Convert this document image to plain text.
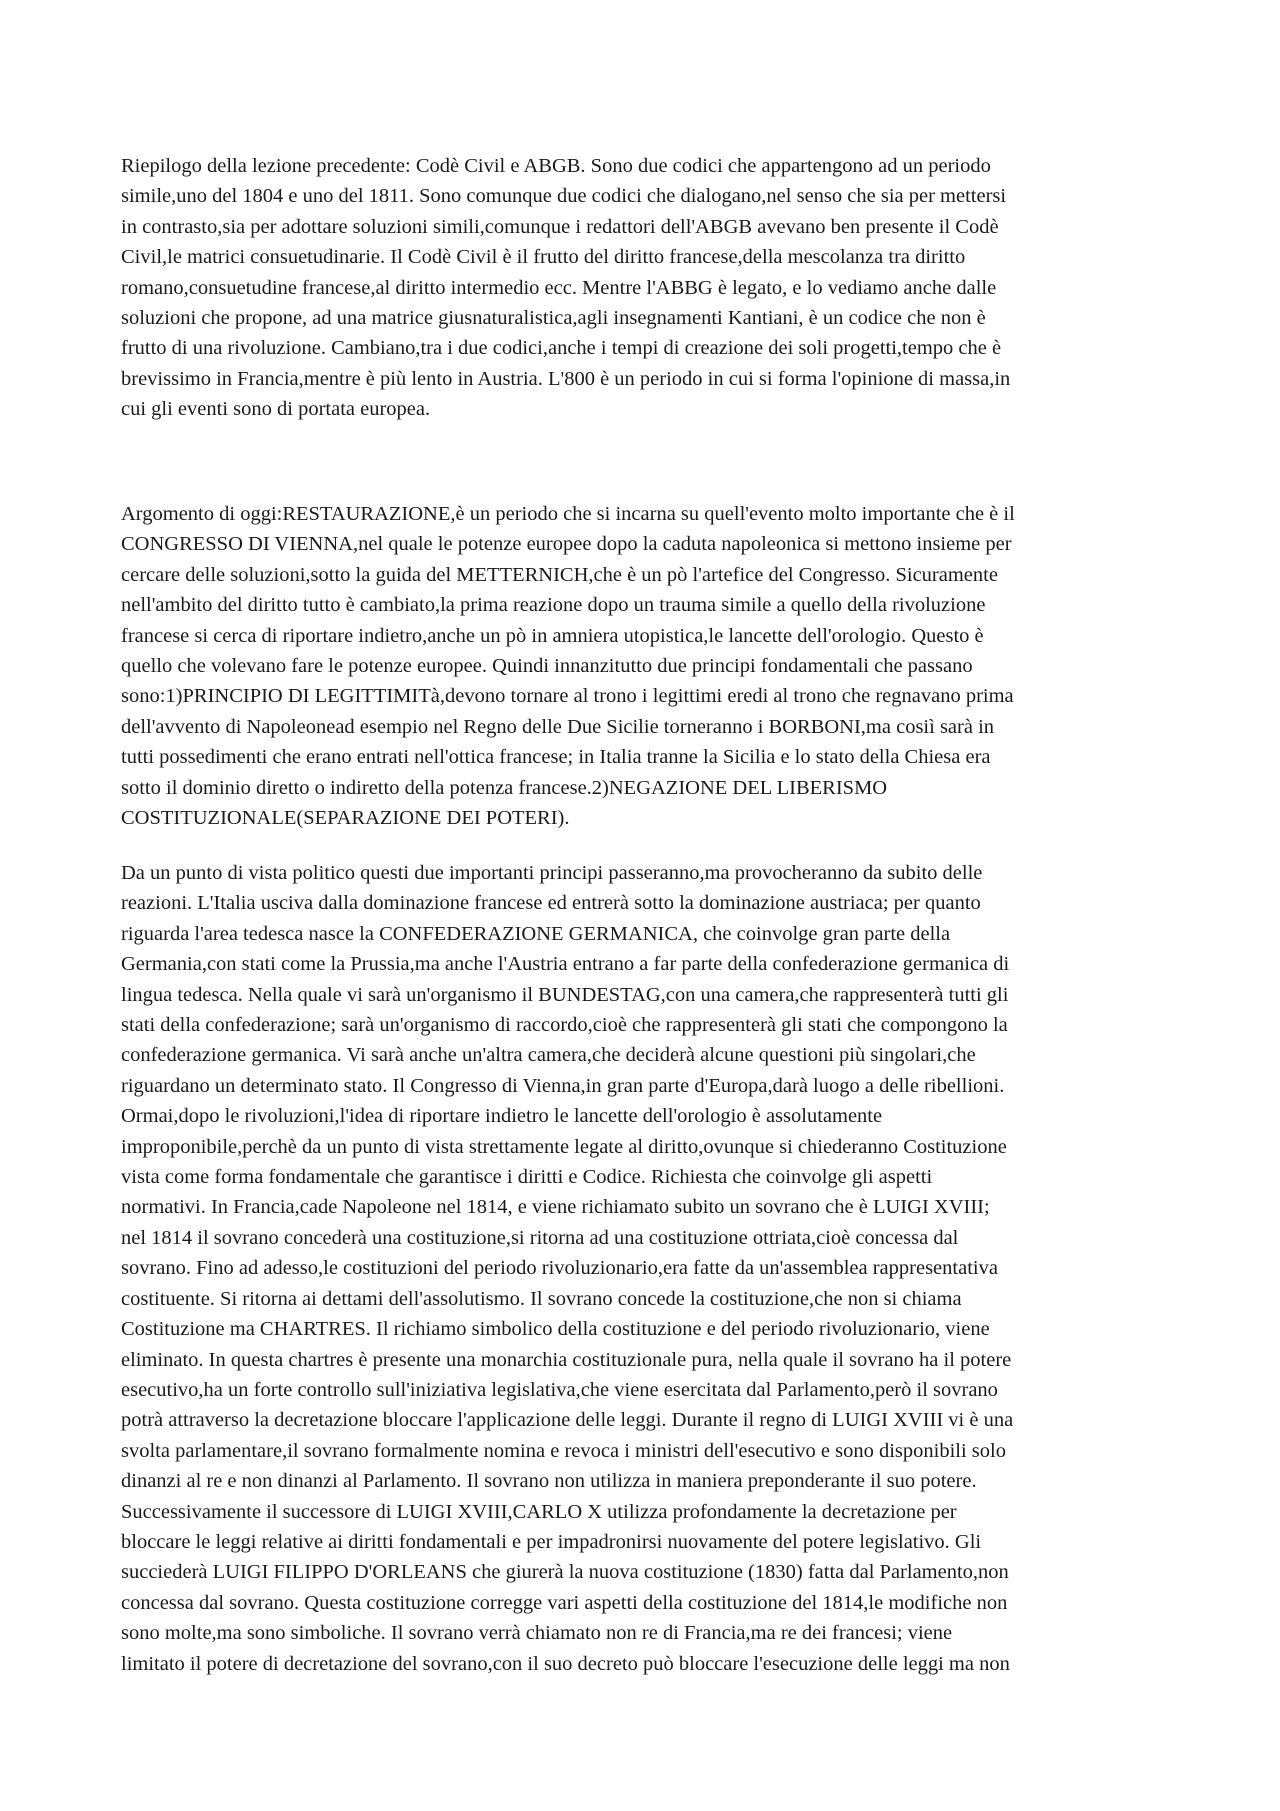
Riepilogo della lezione precedente: Codè Civil e ABGB. Sono due codici che appartengono ad un periodo
simile,uno del 1804 e uno del 1811. Sono comunque due codici che dialogano,nel senso che sia per mettersi
in contrasto,sia per adottare soluzioni simili,comunque i redattori dell'ABGB avevano ben presente il Codè
Civil,le matrici consuetudinarie. Il Codè Civil è il frutto del diritto francese,della mescolanza tra diritto
romano,consuetudine francese,al diritto intermedio ecc. Mentre l'ABBG è legato, e lo vediamo anche dalle
soluzioni che propone, ad una matrice giusnaturalistica,agli insegnamenti Kantiani, è un codice che non è
frutto di una rivoluzione. Cambiano,tra i due codici,anche i tempi di creazione dei soli progetti,tempo che è
brevissimo in Francia,mentre è più lento in Austria. L'800 è un periodo in cui si forma l'opinione di massa,in
cui gli eventi sono di portata europea.

Argomento di oggi:RESTAURAZIONE,è un periodo che si incarna su quell'evento molto importante che è il
CONGRESSO DI VIENNA,nel quale le potenze europee dopo la caduta napoleonica si mettono insieme per
cercare delle soluzioni,sotto la guida del METTERNICH,che è un pò l'artefice del Congresso. Sicuramente
nell'ambito del diritto tutto è cambiato,la prima reazione dopo un trauma simile a quello della rivoluzione
francese si cerca di riportare indietro,anche un pò in amniera utopistica,le lancette dell'orologio. Questo è
quello che volevano fare le potenze europee. Quindi innanzitutto due principi fondamentali che passano
sono:1)PRINCIPIO DI LEGITTIMITà,devono tornare al trono i legittimi eredi al trono che regnavano prima
dell'avvento di Napoleonead esempio nel Regno delle Due Sicilie torneranno i BORBONI,ma cosiì sarà in
tutti possedimenti che erano entrati nell'ottica francese; in Italia tranne la Sicilia e lo stato della Chiesa era
sotto il dominio diretto o indiretto della potenza francese.2)NEGAZIONE DEL LIBERISMO
COSTITUZIONALE(SEPARAZIONE DEI POTERI).

Da un punto di vista politico questi due importanti principi passeranno,ma provocheranno da subito delle
reazioni. L'Italia usciva dalla dominazione francese ed entrerà sotto la dominazione austriaca; per quanto
riguarda l'area tedesca nasce la CONFEDERAZIONE GERMANICA, che coinvolge gran parte della
Germania,con stati come la Prussia,ma anche l'Austria entrano a far parte della confederazione germanica di
lingua tedesca. Nella quale vi sarà un'organismo il BUNDESTAG,con una camera,che rappresenterà tutti gli
stati della confederazione; sarà un'organismo di raccordo,cioè che rappresenterà gli stati che compongono la
confederazione germanica. Vi sarà anche un'altra camera,che deciderà alcune questioni più singolari,che
riguardano un determinato stato. Il Congresso di Vienna,in gran parte d'Europa,darà luogo a delle ribellioni.
Ormai,dopo le rivoluzioni,l'idea di riportare indietro le lancette dell'orologio è assolutamente
improponibile,perchè da un punto di vista strettamente legate al diritto,ovunque si chiederanno Costituzione
vista come forma fondamentale che garantisce i diritti e Codice. Richiesta che coinvolge gli aspetti
normativi. In Francia,cade Napoleone nel 1814, e viene richiamato subito un sovrano che è LUIGI XVIII;
nel 1814 il sovrano concederà una costituzione,si ritorna ad una costituzione ottriata,cioè concessa dal
sovrano. Fino ad adesso,le costituzioni del periodo rivoluzionario,era fatte da un'assemblea rappresentativa
costituente. Si ritorna ai dettami dell'assolutismo. Il sovrano concede la costituzione,che non si chiama
Costituzione ma CHARTRES. Il richiamo simbolico della costituzione e del periodo rivoluzionario, viene
eliminato. In questa chartres è presente una monarchia costituzionale pura, nella quale il sovrano ha il potere
esecutivo,ha un forte controllo sull'iniziativa legislativa,che viene esercitata dal Parlamento,però il sovrano
potrà attraverso la decretazione bloccare l'applicazione delle leggi. Durante il regno di LUIGI XVIII vi è una
svolta parlamentare,il sovrano formalmente nomina e revoca i ministri dell'esecutivo e sono disponibili solo
dinanzi al re e non dinanzi al Parlamento. Il sovrano non utilizza in maniera preponderante il suo potere.
Successivamente il successore di LUIGI XVIII,CARLO X utilizza profondamente la decretazione per
bloccare le leggi relative ai diritti fondamentali e per impadronirsi nuovamente del potere legislativo. Gli
succiederà LUIGI FILIPPO D'ORLEANS che giurerà la nuova costituzione (1830) fatta dal Parlamento,non
concessa dal sovrano. Questa costituzione corregge vari aspetti della costituzione del 1814,le modifiche non
sono molte,ma sono simboliche. Il sovrano verrà chiamato non re di Francia,ma re dei francesi; viene
limitato il potere di decretazione del sovrano,con il suo decreto può bloccare l'esecuzione delle leggi ma non
